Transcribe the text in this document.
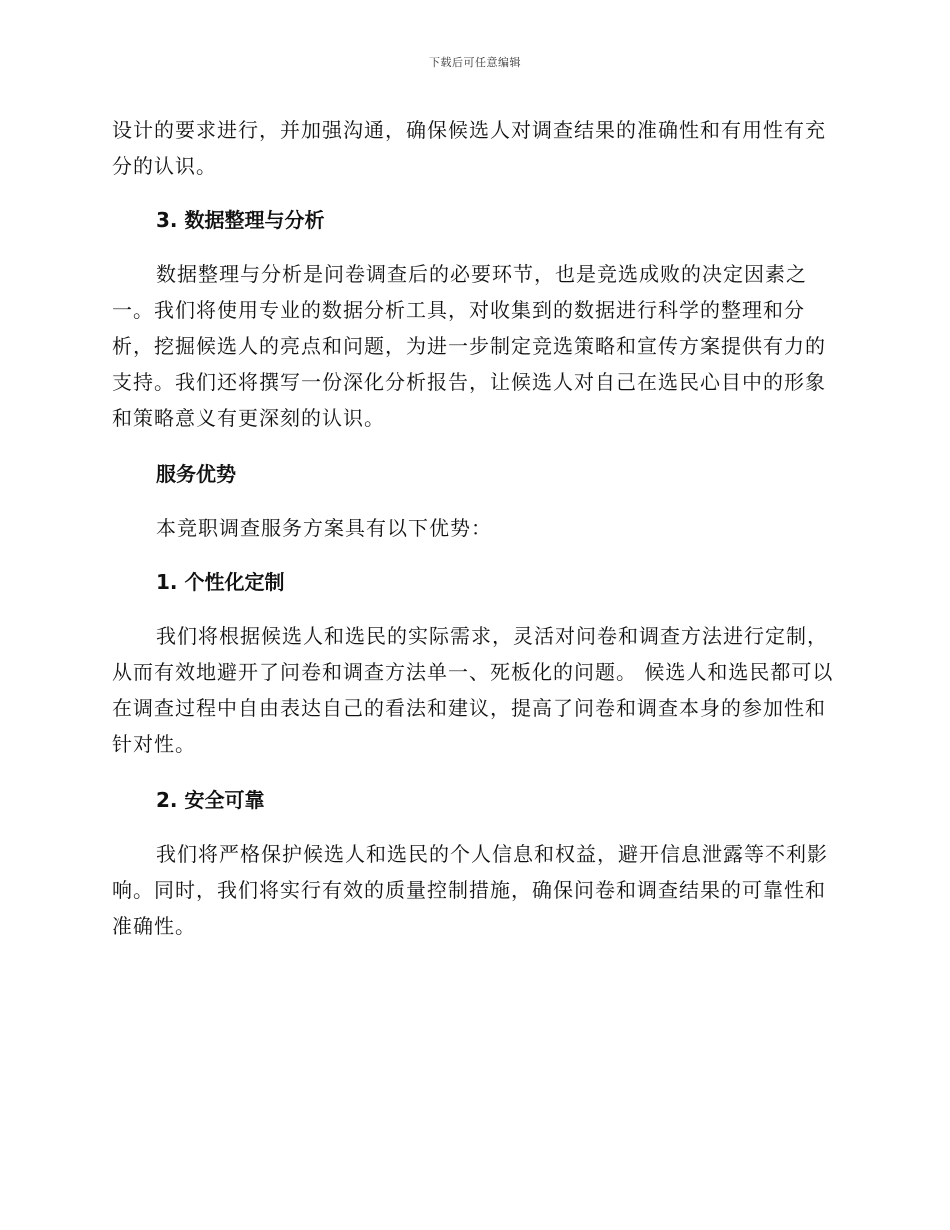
下载后可任意编辑

设计的要求进行，并加强沟通，确保候选人对调查结果的准确性和有用性有充分的认识。

3. 数据整理与分析

数据整理与分析是问卷调查后的必要环节，也是竞选成败的决定因素之一。我们将使用专业的数据分析工具，对收集到的数据进行科学的整理和分析，挖掘候选人的亮点和问题，为进一步制定竞选策略和宣传方案提供有力的支持。我们还将撰写一份深化分析报告，让候选人对自己在选民心目中的形象和策略意义有更深刻的认识。

服务优势

本竞职调查服务方案具有以下优势：

1. 个性化定制

我们将根据候选人和选民的实际需求，灵活对问卷和调查方法进行定制，从而有效地避开了问卷和调查方法单一、死板化的问题。 候选人和选民都可以在调查过程中自由表达自己的看法和建议，提高了问卷和调查本身的参加性和针对性。

2. 安全可靠

我们将严格保护候选人和选民的个人信息和权益，避开信息泄露等不利影响。同时，我们将实行有效的质量控制措施，确保问卷和调查结果的可靠性和准确性。
